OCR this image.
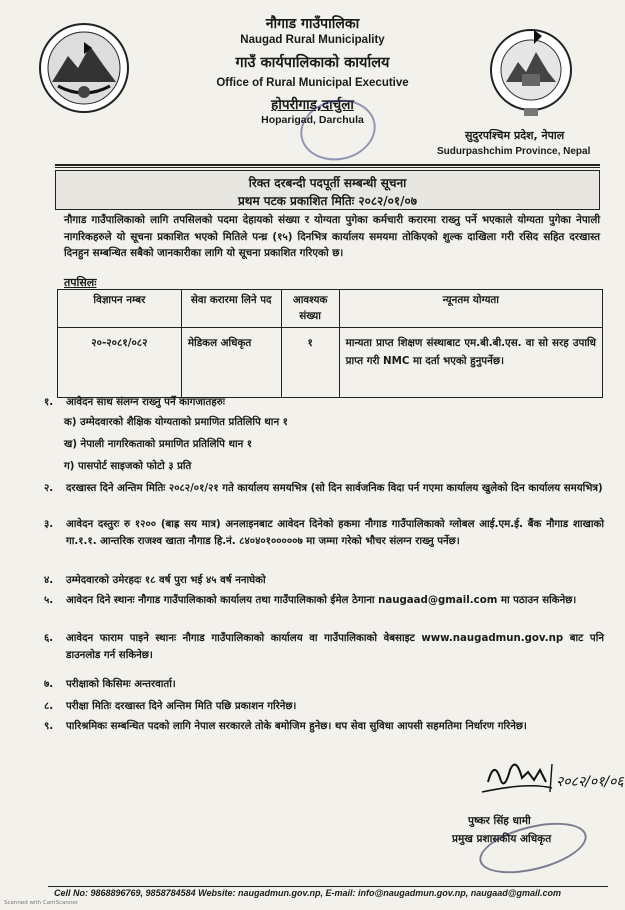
नौगाड गाउँपालिका
Naugad Rural Municipality
गाउँ कार्यपालिकाको कार्यालय
Office of Rural Municipal Executive
होपरीगाड,दार्चुला
Hoparigad, Darchula
सुदुरपश्चिम प्रदेश, नेपाल
Sudurpashchim Province, Nepal
रिक्त दरबन्दी पदपूर्ती सम्बन्धी सूचना
प्रथम पटक प्रकाशित मितिः २०८२/०१/०७
नौगाड गाउँपालिकाको लागि तपसिलको पदमा देहायको संख्या र योग्यता पुगेका कर्मचारी करारमा राख्नु पर्ने भएकाले योग्यता पुगेका नेपाली नागरिकहरुले यो सूचना प्रकाशित भएको मितिले पन्ध्र (१५) दिनभित्र कार्यालय समयमा तोकिएको शुल्क दाखिला गरी रसिद सहित दरखास्त दिनहुन सम्बन्धित सबैको जानकारीका लागि यो सूचना प्रकाशित गरिएको छ।
तपसिलः
विज्ञापन नम्बर	सेवा करारमा लिने पद	आवश्यक संख्या	न्यूनतम योग्यता
२०-२०८१/०८२	मेडिकल अधिकृत	१	मान्यता प्राप्त शिक्षण संस्थाबाट एम.बी.बी.एस. वा सो सरह उपाधि प्राप्त गरी NMC मा दर्ता भएको हुनुपर्नेछ।
१.	आवेदन साथ संलग्न राख्नु पर्ने कागजातहरुः
क) उम्मेदवारको शैक्षिक योग्यताको प्रमाणित प्रतिलिपि थान १
ख) नेपाली नागरिकताको प्रमाणित प्रतिलिपि थान १
ग) पासपोर्ट साइजको फोटो ३ प्रति
२.	दरखास्त दिने अन्तिम मितिः २०८२/०१/२१ गते कार्यालय समयभित्र (सो दिन सार्वजनिक विदा पर्न गएमा कार्यालय खुलेको दिन कार्यालय समयभित्र)
३.	आवेदन दस्तुरः रु १२०० (बाह्र सय मात्र) अनलाइनबाट आवेदन दिनेको हकमा नौगाड गाउँपालिकाको ग्लोबल आई.एम.ई. बैंक नौगाड शाखाको गा.१.१. आन्तरिक राजश्व खाता नौगाड हि.नं. ८४०४०१०००००७ मा जम्मा गरेको भौचर संलग्न राख्नु पर्नेछ।
४.	उम्मेदवारको उमेरहदः १८ वर्ष पुरा भई ४५ वर्ष ननाघेको
५.	आवेदन दिने स्थानः नौगाड गाउँपालिकाको कार्यालय तथा गाउँपालिकाको ईमेल ठेगाना naugaad@gmail.com मा पठाउन सकिनेछ।
६.	आवेदन फाराम पाइने स्थानः नौगाड गाउँपालिकाको कार्यालय वा गाउँपालिकाको वेबसाइट www.naugadmun.gov.np बाट पनि डाउनलोड गर्न सकिनेछ।
७.	परीक्षाको किसिमः अन्तरवार्ता।
८.	परीक्षा मितिः दरखास्त दिने अन्तिम मिति पछि प्रकाशन गरिनेछ।
९.	पारिश्रमिकः सम्बन्धित पदको लागि नेपाल सरकारले तोके बमोजिम हुनेछ। थप सेवा सुविधा आपसी सहमतिमा निर्धारण गरिनेछ।
२०८२/०१/०६
पुष्कर सिंह धामी
प्रमुख प्रशासकीय अधिकृत
Cell No: 9868896769, 9858784584 Website: naugadmun.gov.np, E-mail: info@naugadmun.gov.np, naugaad@gmail.com
Scanned with CamScanner
